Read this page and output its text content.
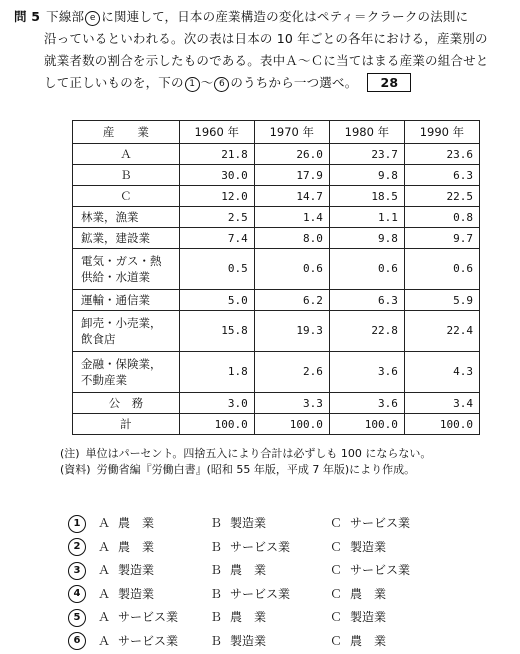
問 5 下線部 e に関連して，日本の産業構造の変化はペティ＝クラークの法則に
沿っているといわれる。次の表は日本の 10 年ごとの各年における，産業別の
就業者数の割合を示したものである。表中Ａ～Ｃに当てはまる産業の組合せと
して正しいものを，下の 1 ～ 6 のうちから一つ選べ。 28
産　　業	1960 年	1970 年	1980 年	1990 年
Ａ	21.8	26.0	23.7	23.6
Ｂ	30.0	17.9	9.8	6.3
Ｃ	12.0	14.7	18.5	22.5
林業，漁業	2.5	1.4	1.1	0.8
鉱業，建設業	7.4	8.0	9.8	9.7
電気・ガス・熱
供給・水道業	0.5	0.6	0.6	0.6
運輸・通信業	5.0	6.2	6.3	5.9
卸売・小売業，
飲食店	15.8	19.3	22.8	22.4
金融・保険業，
不動産業	1.8	2.6	3.6	4.3
公　務	3.0	3.3	3.6	3.4
計	100.0	100.0	100.0	100.0
(注) 単位はパーセント。四捨五入により合計は必ずしも 100 にならない。
(資料) 労働省編『労働白書』(昭和 55 年版，平成 7 年版)により作成。
1	Ａ 農　業	Ｂ 製造業	Ｃ サービス業
2	Ａ 農　業	Ｂ サービス業	Ｃ 製造業
3	Ａ 製造業	Ｂ 農　業	Ｃ サービス業
4	Ａ 製造業	Ｂ サービス業	Ｃ 農　業
5	Ａ サービス業	Ｂ 農　業	Ｃ 製造業
6	Ａ サービス業	Ｂ 製造業	Ｃ 農　業
